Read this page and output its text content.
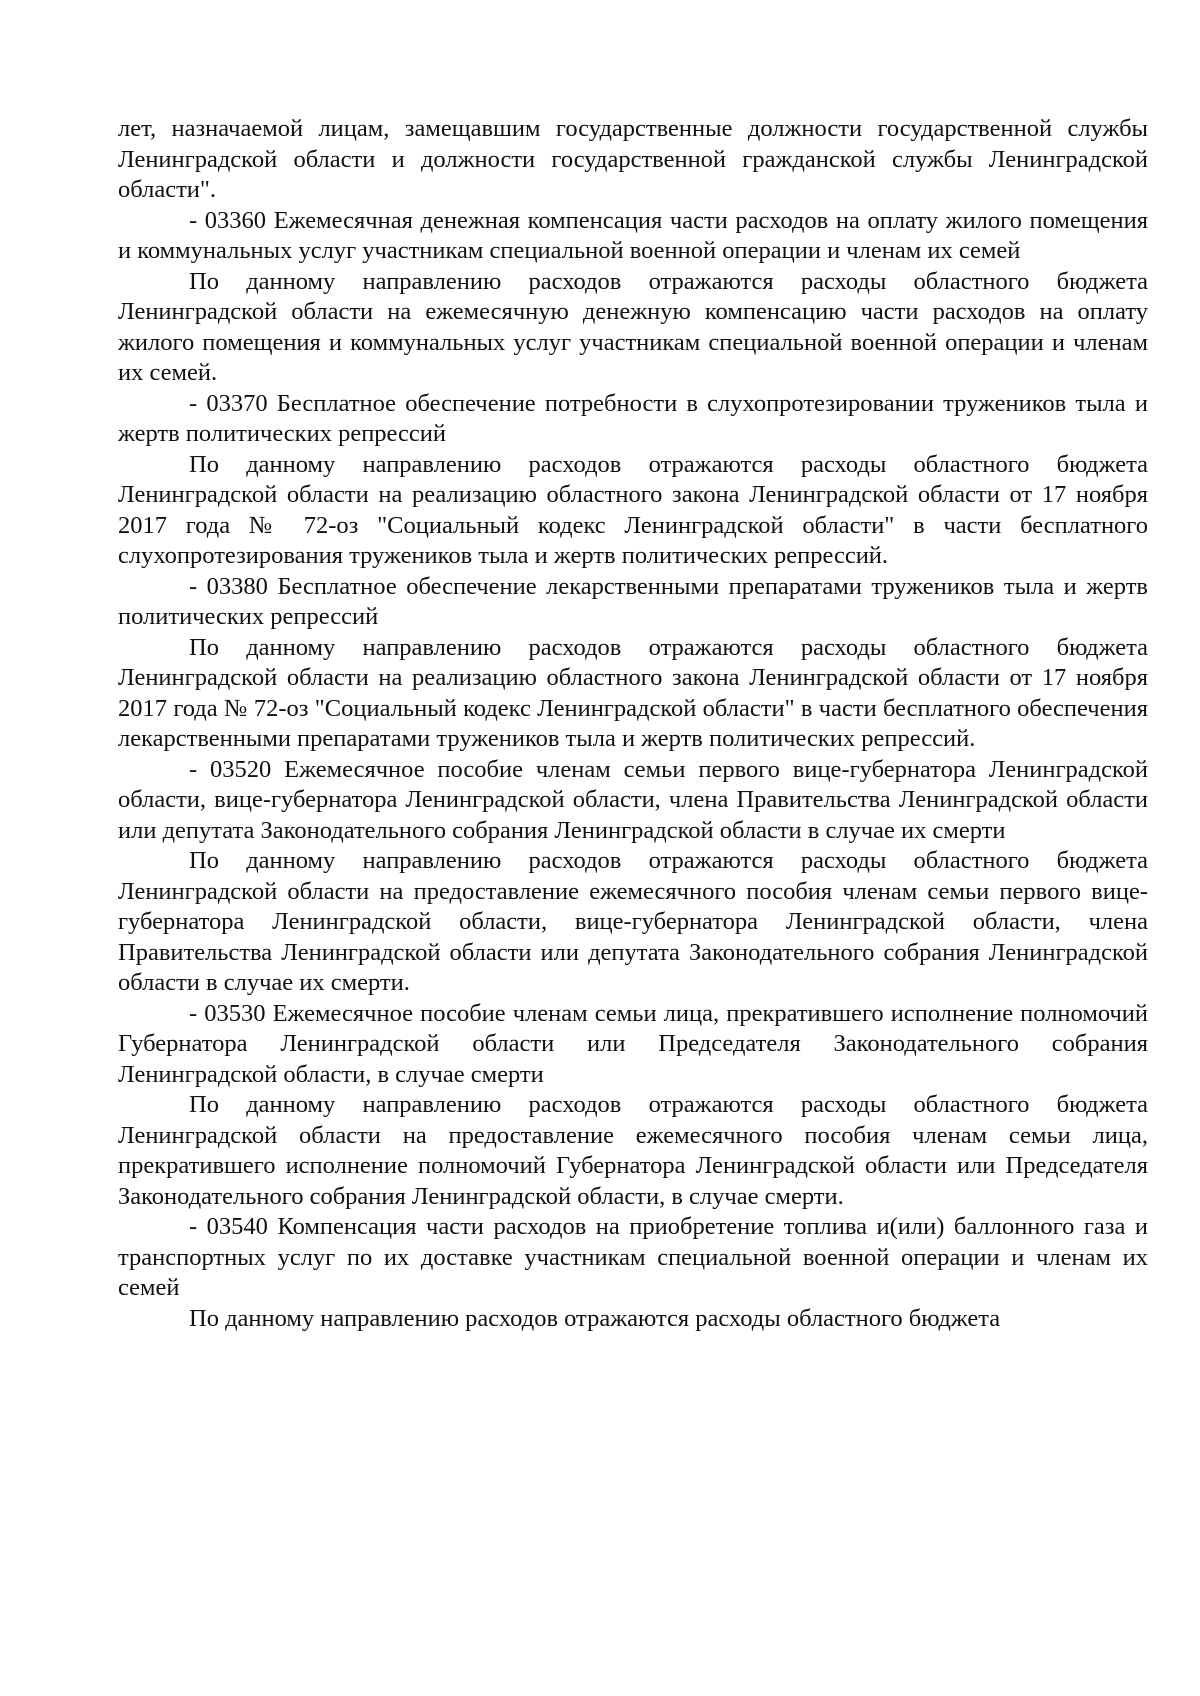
лет, назначаемой лицам, замещавшим государственные должности государственной службы Ленинградской области и должности государственной гражданской службы Ленинградской области".

- 03360 Ежемесячная денежная компенсация части расходов на оплату жилого помещения и коммунальных услуг участникам специальной военной операции и членам их семей

По данному направлению расходов отражаются расходы областного бюджета Ленинградской области на ежемесячную денежную компенсацию части расходов на оплату жилого помещения и коммунальных услуг участникам специальной военной операции и членам их семей.

- 03370 Бесплатное обеспечение потребности в слухопротезировании тружеников тыла и жертв политических репрессий

По данному направлению расходов отражаются расходы областного бюджета Ленинградской области на реализацию областного закона Ленинградской области от 17 ноября 2017 года № 72-оз "Социальный кодекс Ленинградской области" в части бесплатного слухопротезирования тружеников тыла и жертв политических репрессий.

- 03380 Бесплатное обеспечение лекарственными препаратами тружеников тыла и жертв политических репрессий

По данному направлению расходов отражаются расходы областного бюджета Ленинградской области на реализацию областного закона Ленинградской области от 17 ноября 2017 года № 72-оз "Социальный кодекс Ленинградской области" в части бесплатного обеспечения лекарственными препаратами тружеников тыла и жертв политических репрессий.

- 03520 Ежемесячное пособие членам семьи первого вице-губернатора Ленинградской области, вице-губернатора Ленинградской области, члена Правительства Ленинградской области или депутата Законодательного собрания Ленинградской области в случае их смерти

По данному направлению расходов отражаются расходы областного бюджета Ленинградской области на предоставление ежемесячного пособия членам семьи первого вице-губернатора Ленинградской области, вице-губернатора Ленинградской области, члена Правительства Ленинградской области или депутата Законодательного собрания Ленинградской области в случае их смерти.

- 03530 Ежемесячное пособие членам семьи лица, прекратившего исполнение полномочий Губернатора Ленинградской области или Председателя Законодательного собрания Ленинградской области, в случае смерти

По данному направлению расходов отражаются расходы областного бюджета Ленинградской области на предоставление ежемесячного пособия членам семьи лица, прекратившего исполнение полномочий Губернатора Ленинградской области или Председателя Законодательного собрания Ленинградской области, в случае смерти.

- 03540 Компенсация части расходов на приобретение топлива и(или) баллонного газа и транспортных услуг по их доставке участникам специальной военной операции и членам их семей

По данному направлению расходов отражаются расходы областного бюджета
